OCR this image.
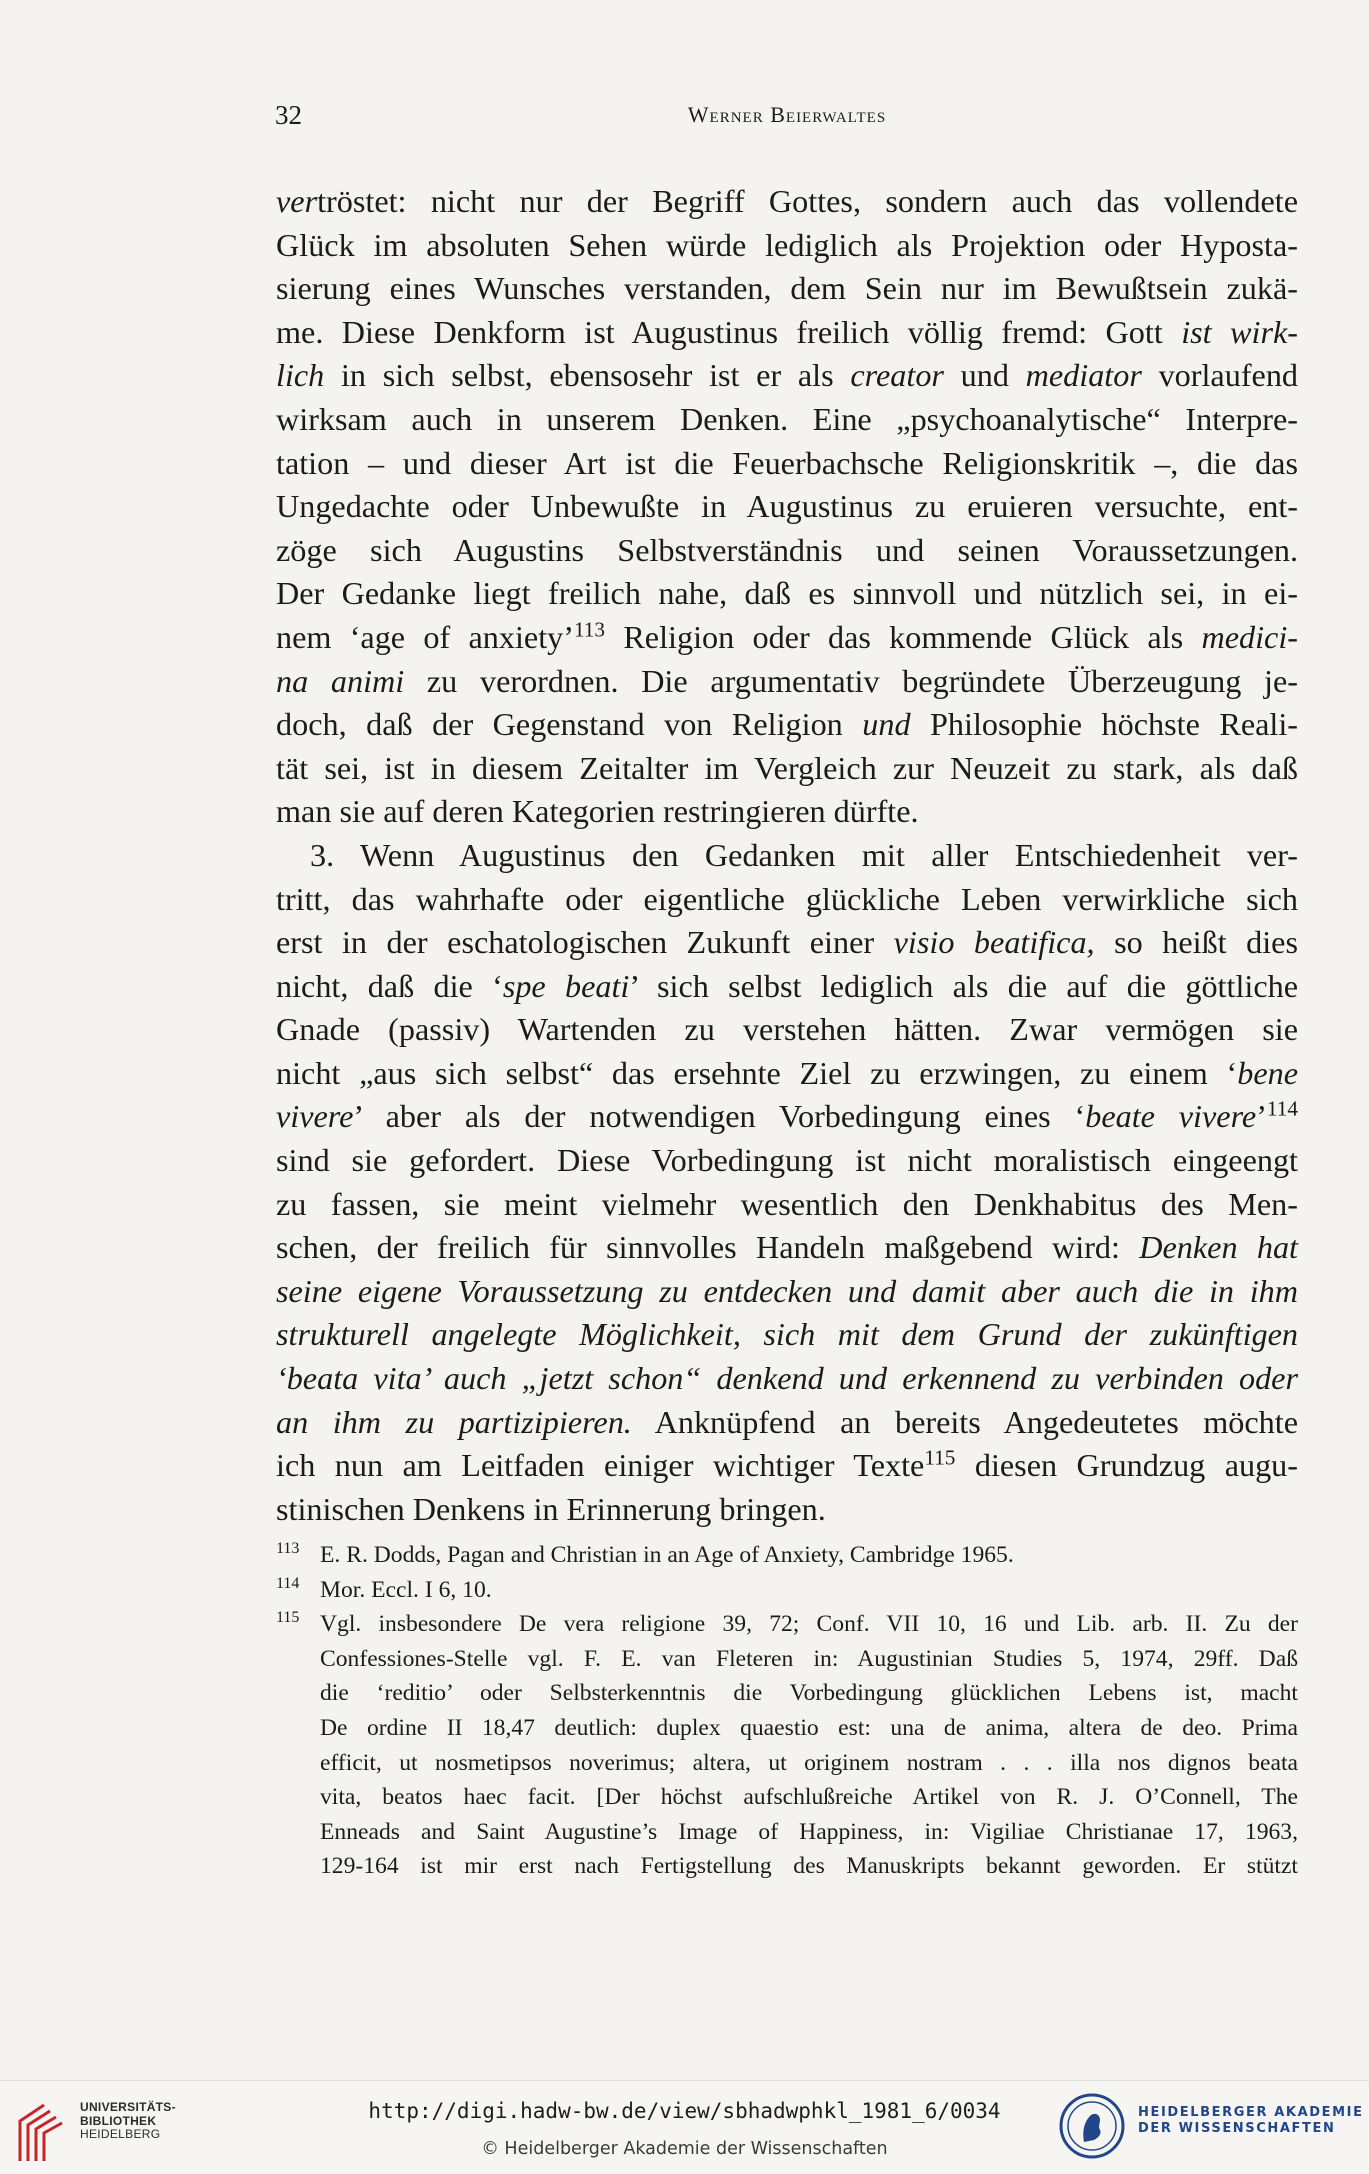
32	Werner Beierwaltes
vertröstet: nicht nur der Begriff Gottes, sondern auch das vollendete
Glück im absoluten Sehen würde lediglich als Projektion oder Hyposta-
sierung eines Wunsches verstanden, dem Sein nur im Bewußtsein zukä-
me. Diese Denkform ist Augustinus freilich völlig fremd: Gott ist wirk-
lich in sich selbst, ebensosehr ist er als creator und mediator vorlaufend
wirksam auch in unserem Denken. Eine „psychoanalytische“ Interpre-
tation – und dieser Art ist die Feuerbachsche Religionskritik –, die das
Ungedachte oder Unbewußte in Augustinus zu eruieren versuchte, ent-
zöge sich Augustins Selbstverständnis und seinen Voraussetzungen.
Der Gedanke liegt freilich nahe, daß es sinnvoll und nützlich sei, in ei-
nem ‘age of anxiety’$^{113}$ Religion oder das kommende Glück als medici-
na animi zu verordnen. Die argumentativ begründete Überzeugung je-
doch, daß der Gegenstand von Religion und Philosophie höchste Reali-
tät sei, ist in diesem Zeitalter im Vergleich zur Neuzeit zu stark, als daß
man sie auf deren Kategorien restringieren dürfte.
3. Wenn Augustinus den Gedanken mit aller Entschiedenheit ver-
tritt, das wahrhafte oder eigentliche glückliche Leben verwirkliche sich
erst in der eschatologischen Zukunft einer visio beatifica, so heißt dies
nicht, daß die ‘spe beati’ sich selbst lediglich als die auf die göttliche
Gnade (passiv) Wartenden zu verstehen hätten. Zwar vermögen sie
nicht „aus sich selbst“ das ersehnte Ziel zu erzwingen, zu einem ‘bene
vivere’ aber als der notwendigen Vorbedingung eines ‘beate vivere’$^{114}$
sind sie gefordert. Diese Vorbedingung ist nicht moralistisch eingeengt
zu fassen, sie meint vielmehr wesentlich den Denkhabitus des Men-
schen, der freilich für sinnvolles Handeln maßgebend wird: Denken hat
seine eigene Voraussetzung zu entdecken und damit aber auch die in ihm
strukturell angelegte Möglichkeit, sich mit dem Grund der zukünftigen
‘beata vita’ auch „jetzt schon“ denkend und erkennend zu verbinden oder
an ihm zu partizipieren. Anknüpfend an bereits Angedeutetes möchte
ich nun am Leitfaden einiger wichtiger Texte$^{115}$ diesen Grundzug augu-
stinischen Denkens in Erinnerung bringen.
113 E. R. Dodds, Pagan and Christian in an Age of Anxiety, Cambridge 1965.
114 Mor. Eccl. I 6, 10.
115 Vgl. insbesondere De vera religione 39, 72; Conf. VII 10, 16 und Lib. arb. II. Zu der
Confessiones-Stelle vgl. F. E. van Fleteren in: Augustinian Studies 5, 1974, 29ff. Daß
die ‘reditio’ oder Selbsterkenntnis die Vorbedingung glücklichen Lebens ist, macht
De ordine II 18,47 deutlich: duplex quaestio est: una de anima, altera de deo. Prima
efficit, ut nosmetipsos noverimus; altera, ut originem nostram . . . illa nos dignos beata
vita, beatos haec facit. [Der höchst aufschlußreiche Artikel von R. J. O’Connell, The
Enneads and Saint Augustine’s Image of Happiness, in: Vigiliae Christianae 17, 1963,
129-164 ist mir erst nach Fertigstellung des Manuskripts bekannt geworden. Er stützt
UNIVERSITÄTS-
BIBLIOTHEK
HEIDELBERG
http://digi.hadw-bw.de/view/sbhadwphkl_1981_6/0034
© Heidelberger Akademie der Wissenschaften
HEIDELBERGER AKADEMIE
DER WISSENSCHAFTEN
